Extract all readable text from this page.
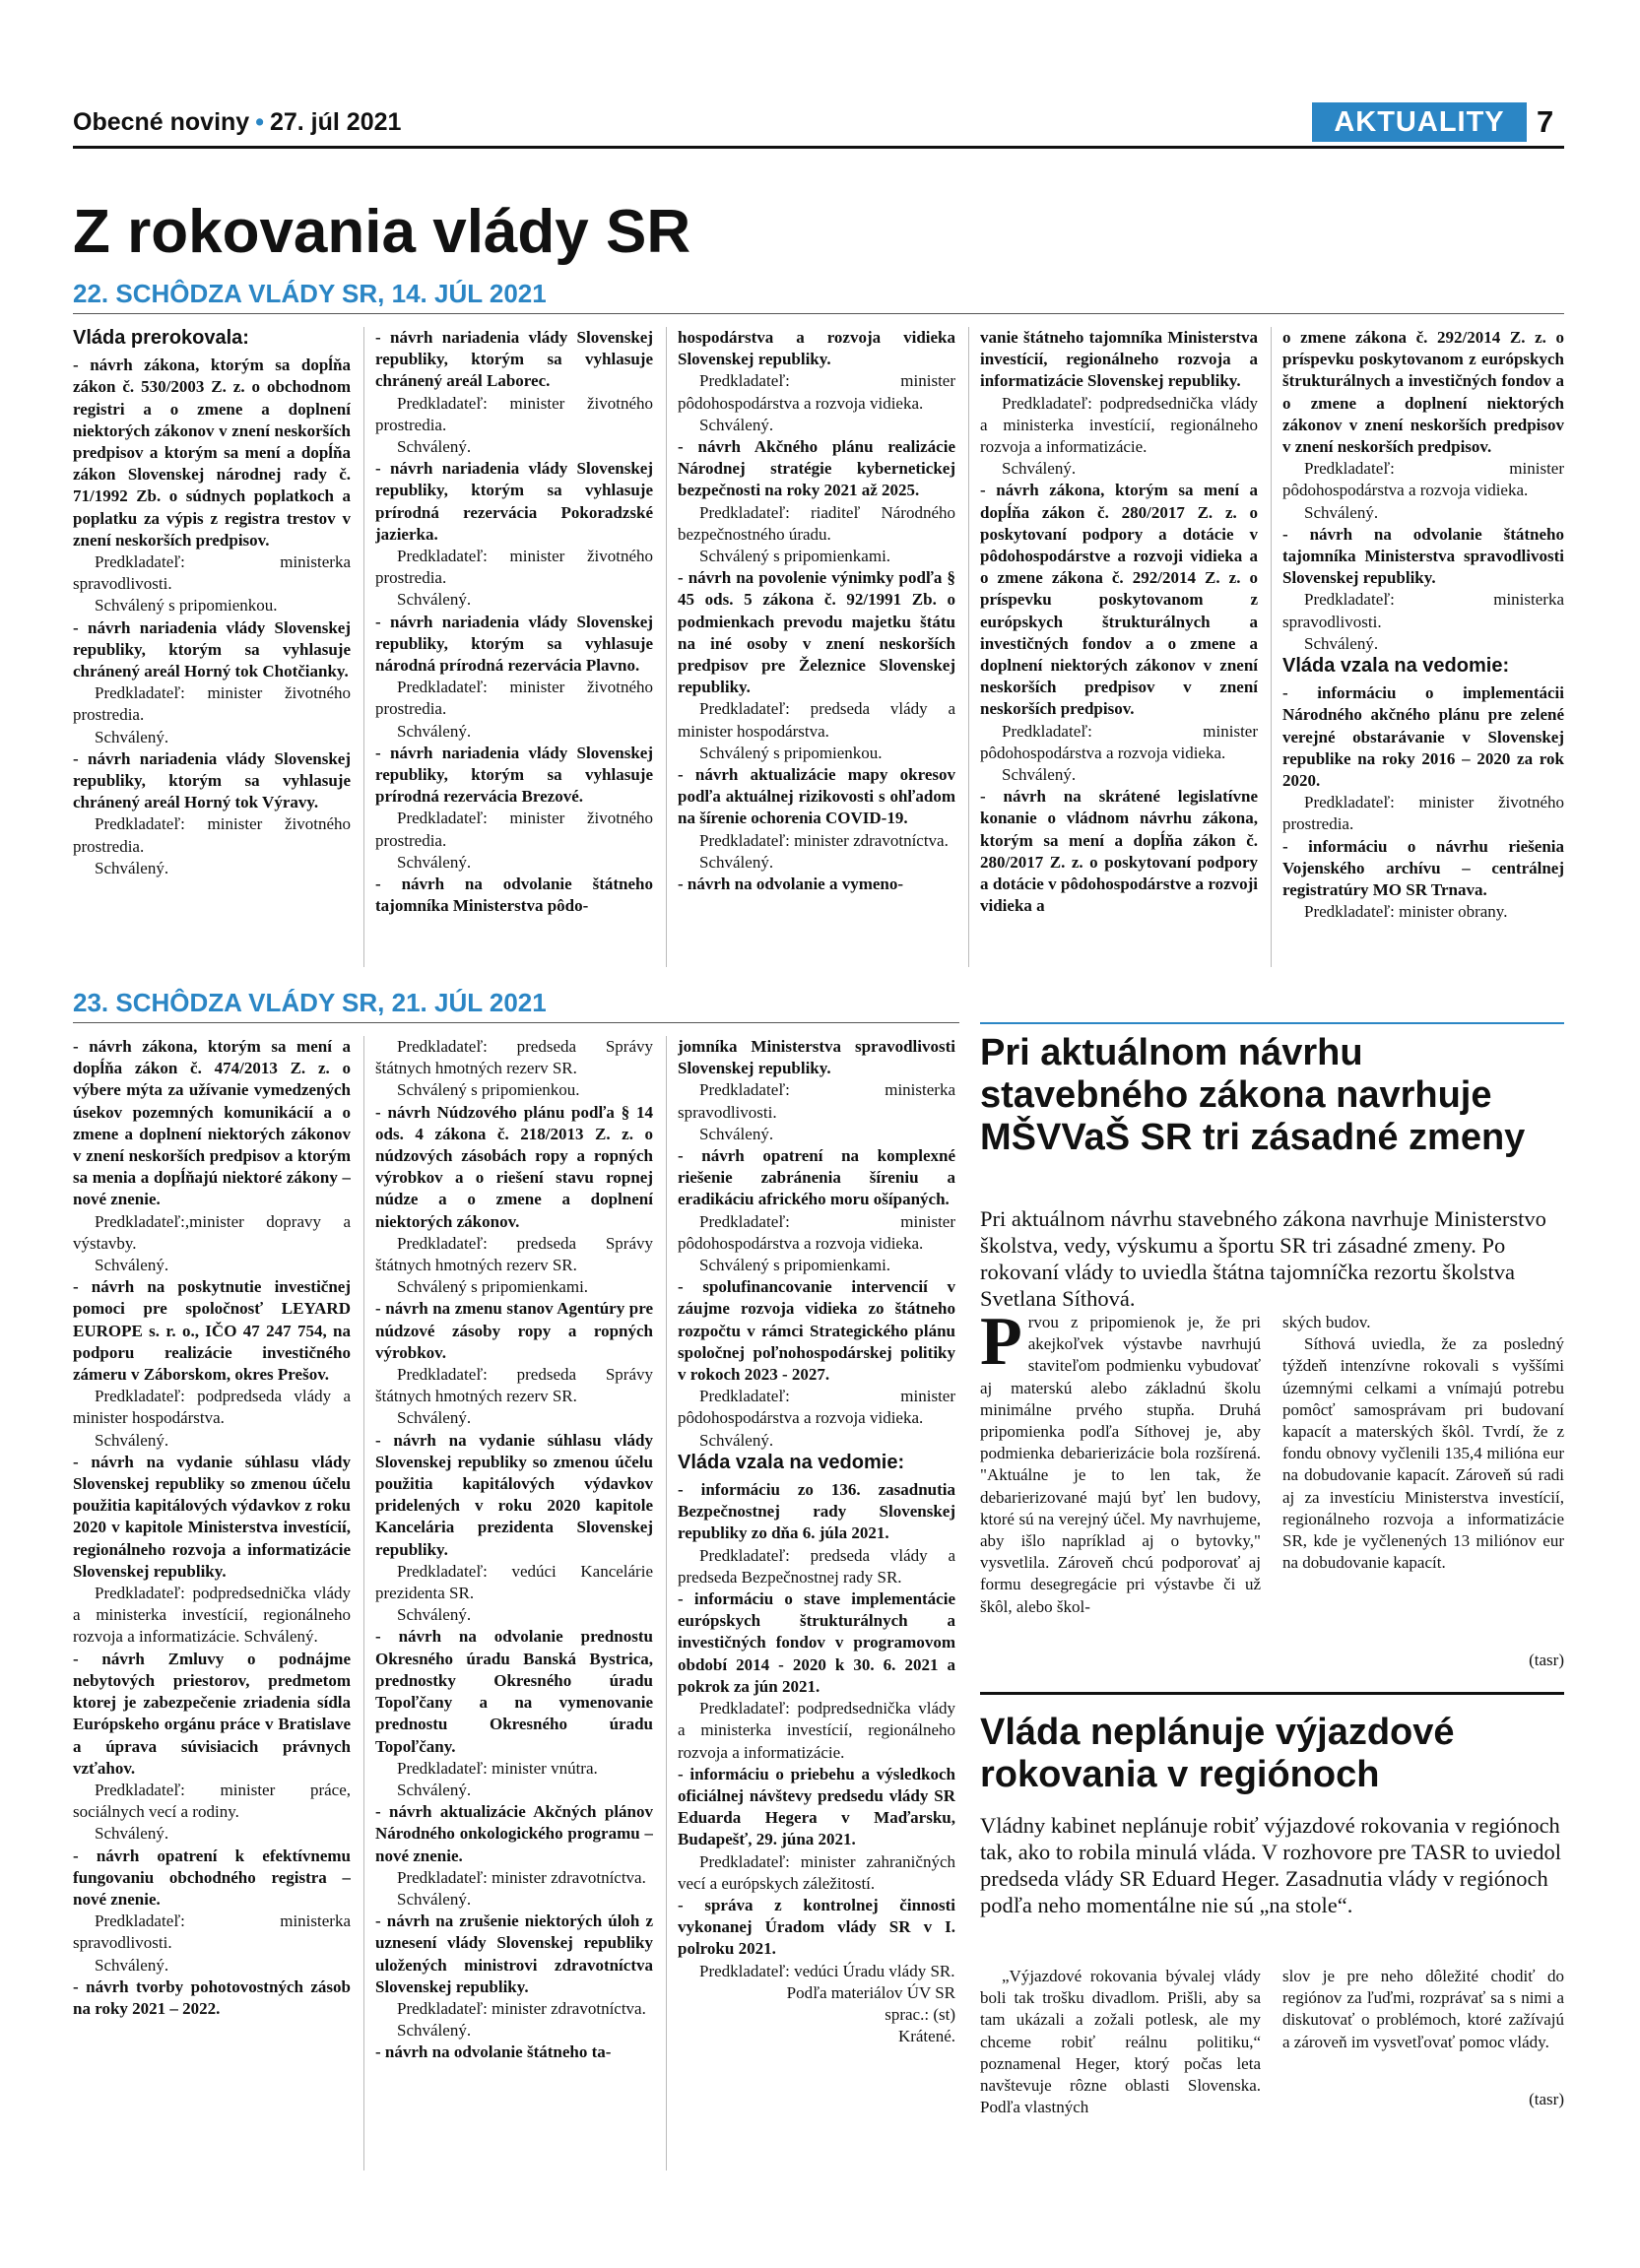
Obecné noviny • 27. júl 2021	AKTUALITY	7
Z rokovania vlády SR
22. SCHÔDZA VLÁDY SR, 14. JÚL 2021

Vláda prerokovala:

- návrh zákona, ktorým sa dopĺňa zákon č. 530/2003 Z. z. o obchodnom registri a o zmene a doplnení niektorých zákonov v znení neskorších predpisov a ktorým sa mení a dopĺňa zákon Slovenskej národnej rady č. 71/1992 Zb. o súdnych poplatkoch a poplatku za výpis z registra trestov v znení neskorších predpisov.

Predkladateľ: ministerka spravodlivosti.

Schválený s pripomienkou.

- návrh nariadenia vlády Slovenskej republiky, ktorým sa vyhlasuje chránený areál Horný tok Chotčianky.

Predkladateľ: minister životného prostredia.

Schválený.

- návrh nariadenia vlády Slovenskej republiky, ktorým sa vyhlasuje chránený areál Horný tok Výravy.

Predkladateľ: minister životného prostredia.

Schválený.

- návrh nariadenia vlády Slovenskej republiky, ktorým sa vyhlasuje chránený areál Laborec.

Predkladateľ: minister životného prostredia.

Schválený.

- návrh nariadenia vlády Slovenskej republiky, ktorým sa vyhlasuje prírodná rezervácia Pokoradzské jazierka.

Predkladateľ: minister životného prostredia.

Schválený.

- návrh nariadenia vlády Slovenskej republiky, ktorým sa vyhlasuje národná prírodná rezervácia Plavno.

Predkladateľ: minister životného prostredia.

Schválený.

- návrh nariadenia vlády Slovenskej republiky, ktorým sa vyhlasuje prírodná rezervácia Brezové.

Predkladateľ: minister životného prostredia.

Schválený.

- návrh na odvolanie štátneho tajomníka Ministerstva pôdo-

hospodárstva a rozvoja vidieka Slovenskej republiky.

Predkladateľ: minister pôdohospodárstva a rozvoja vidieka.

Schválený.

- návrh Akčného plánu realizácie Národnej stratégie kybernetickej bezpečnosti na roky 2021 až 2025.

Predkladateľ: riaditeľ Národného bezpečnostného úradu.

Schválený s pripomienkami.

- návrh na povolenie výnimky podľa § 45 ods. 5 zákona č. 92/1991 Zb. o podmienkach prevodu majetku štátu na iné osoby v znení neskorších predpisov pre Železnice Slovenskej republiky.

Predkladateľ: predseda vlády a minister hospodárstva.

Schválený s pripomienkou.

- návrh aktualizácie mapy okresov podľa aktuálnej rizikovosti s ohľadom na šírenie ochorenia COVID-19.

Predkladateľ: minister zdravotníctva.

Schválený.

- návrh na odvolanie a vymeno-

vanie štátneho tajomníka Ministerstva investícií, regionálneho rozvoja a informatizácie Slovenskej republiky.

Predkladateľ: podpredsednička vlády a ministerka investícií, regionálneho rozvoja a informatizácie.

Schválený.

- návrh zákona, ktorým sa mení a dopĺňa zákon č. 280/2017 Z. z. o poskytovaní podpory a dotácie v pôdohospodárstve a rozvoji vidieka a o zmene zákona č. 292/2014 Z. z. o príspevku poskytovanom z európskych štrukturálnych a investičných fondov a o zmene a doplnení niektorých zákonov v znení neskorších predpisov v znení neskorších predpisov.

Predkladateľ: minister pôdohospodárstva a rozvoja vidieka.

Schválený.

- návrh na skrátené legislatívne konanie o vládnom návrhu zákona, ktorým sa mení a dopĺňa zákon č. 280/2017 Z. z. o poskytovaní podpory a dotácie v pôdohospodárstve a rozvoji vidieka a

o zmene zákona č. 292/2014 Z. z. o príspevku poskytovanom z európskych štrukturálnych a investičných fondov a o zmene a doplnení niektorých zákonov v znení neskorších predpisov v znení neskorších predpisov.

Predkladateľ: minister pôdohospodárstva a rozvoja vidieka.

Schválený.

- návrh na odvolanie štátneho tajomníka Ministerstva spravodlivosti Slovenskej republiky.

Predkladateľ: ministerka spravodlivosti.

Schválený.

Vláda vzala na vedomie:

- informáciu o implementácii Národného akčného plánu pre zelené verejné obstarávanie v Slovenskej republike na roky 2016 – 2020 za rok 2020.

Predkladateľ: minister životného prostredia.

- informáciu o návrhu riešenia Vojenského archívu – centrálnej registratúry MO SR Trnava.

Predkladateľ: minister obrany.

23. SCHÔDZA VLÁDY SR, 21. JÚL 2021

- návrh zákona, ktorým sa mení a dopĺňa zákon č. 474/2013 Z. z. o výbere mýta za užívanie vymedzených úsekov pozemných komunikácií a o zmene a doplnení niektorých zákonov v znení neskorších predpisov a ktorým sa menia a dopĺňajú niektoré zákony – nové znenie.

Predkladateľ:,minister dopravy a výstavby.

Schválený.

- návrh na poskytnutie investičnej pomoci pre spoločnosť LEYARD EUROPE s. r. o., IČO 47 247 754, na podporu realizácie investičného zámeru v Záborskom, okres Prešov.

Predkladateľ: podpredseda vlády a minister hospodárstva.

Schválený.

- návrh na vydanie súhlasu vlády Slovenskej republiky so zmenou účelu použitia kapitálových výdavkov z roku 2020 v kapitole Ministerstva investícií, regionálneho rozvoja a informatizácie Slovenskej republiky.

Predkladateľ: podpredsednička vlády a ministerka investícií, regionálneho rozvoja a informatizácie. Schválený.

- návrh Zmluvy o podnájme nebytových priestorov, predmetom ktorej je zabezpečenie zriadenia sídla Európskeho orgánu práce v Bratislave a úprava súvisiacich právnych vzťahov.

Predkladateľ: minister práce, sociálnych vecí a rodiny.

Schválený.

- návrh opatrení k efektívnemu fungovaniu obchodného registra – nové znenie.

Predkladateľ: ministerka spravodlivosti.

Schválený.

- návrh tvorby pohotovostných zásob na roky 2021 – 2022.

Predkladateľ: predseda Správy štátnych hmotných rezerv SR.

Schválený s pripomienkou.

- návrh Núdzového plánu podľa § 14 ods. 4 zákona č. 218/2013 Z. z. o núdzových zásobách ropy a ropných výrobkov a o riešení stavu ropnej núdze a o zmene a doplnení niektorých zákonov.

Predkladateľ: predseda Správy štátnych hmotných rezerv SR.

Schválený s pripomienkami.

- návrh na zmenu stanov Agentúry pre núdzové zásoby ropy a ropných výrobkov.

Predkladateľ: predseda Správy štátnych hmotných rezerv SR.

Schválený.

- návrh na vydanie súhlasu vlády Slovenskej republiky so zmenou účelu použitia kapitálových výdavkov pridelených v roku 2020 kapitole Kancelária prezidenta Slovenskej republiky.

Predkladateľ: vedúci Kancelárie prezidenta SR.

Schválený.

- návrh na odvolanie prednostu Okresného úradu Banská Bystrica, prednostky Okresného úradu Topoľčany a na vymenovanie prednostu Okresného úradu Topoľčany.

Predkladateľ: minister vnútra.

Schválený.

- návrh aktualizácie Akčných plánov Národného onkologického programu – nové znenie.

Predkladateľ: minister zdravotníctva.

Schválený.

- návrh na zrušenie niektorých úloh z uznesení vlády Slovenskej republiky uložených ministrovi zdravotníctva Slovenskej republiky.

Predkladateľ: minister zdravotníctva.

Schválený.

- návrh na odvolanie štátneho ta-

jomníka Ministerstva spravodlivosti Slovenskej republiky.

Predkladateľ: ministerka spravodlivosti.

Schválený.

- návrh opatrení na komplexné riešenie zabránenia šíreniu a eradikáciu afrického moru ošípaných.

Predkladateľ: minister pôdohospodárstva a rozvoja vidieka.

Schválený s pripomienkami.

- spolufinancovanie intervencií v záujme rozvoja vidieka zo štátneho rozpočtu v rámci Strategického plánu spoločnej poľnohospodárskej politiky v rokoch 2023 - 2027.

Predkladateľ: minister pôdohospodárstva a rozvoja vidieka.

Schválený.

Vláda vzala na vedomie:

- informáciu zo 136. zasadnutia Bezpečnostnej rady Slovenskej republiky zo dňa 6. júla 2021.

Predkladateľ: predseda vlády a predseda Bezpečnostnej rady SR.

- informáciu o stave implementácie európskych štrukturálnych a investičných fondov v programovom období 2014 - 2020 k 30. 6. 2021 a pokrok za jún 2021.

Predkladateľ: podpredsednička vlády a ministerka investícií, regionálneho rozvoja a informatizácie.

- informáciu o priebehu a výsledkoch oficiálnej návštevy predsedu vlády SR Eduarda Hegera v Maďarsku, Budapešť, 29. júna 2021.

Predkladateľ: minister zahraničných vecí a európskych záležitostí.

- správa z kontrolnej činnosti vykonanej Úradom vlády SR v I. polroku 2021.

Predkladateľ: vedúci Úradu vlády SR.

Podľa materiálov ÚV SR

sprac.: (st)

Krátené.

Pri aktuálnom návrhu stavebného zákona navrhuje MŠVVaŠ SR tri zásadné zmeny
Pri aktuálnom návrhu stavebného zákona navrhuje Ministerstvo školstva, vedy, výskumu a športu SR tri zásadné zmeny. Po rokovaní vlády to uviedla štátna tajomníčka rezortu školstva Svetlana Síthová.
Prvou z pripomienok je, že pri akejkoľvek výstavbe navrhujú staviteľom podmienku vybudovať aj materskú alebo základnú školu minimálne prvého stupňa. Druhá pripomienka podľa Síthovej je, aby podmienka debarierizácie bola rozšírená. "Aktuálne je to len tak, že debarierizované majú byť len budovy, ktoré sú na verejný účel. My navrhujeme, aby išlo napríklad aj o bytovky," vysvetlila. Zároveň chcú podporovať aj formu desegregácie pri výstavbe či už škôl, alebo škol-

ských budov.

Síthová uviedla, že za posledný týždeň intenzívne rokovali s vyššími územnými celkami a vnímajú potrebu pomôcť samosprávam pri budovaní kapacít a materských škôl. Tvrdí, že z fondu obnovy vyčlenili 135,4 milióna eur na dobudovanie kapacít. Zároveň sú radi aj za investíciu Ministerstva investícií, regionálneho rozvoja a informatizácie SR, kde je vyčlenených 13 miliónov eur na dobudovanie kapacít.

(tasr)
Vláda neplánuje výjazdové rokovania v regiónoch
Vládny kabinet neplánuje robiť výjazdové rokovania v regiónoch tak, ako to robila minulá vláda. V rozhovore pre TASR to uviedol predseda vlády SR Eduard Heger. Zasadnutia vlády v regiónoch podľa neho momentálne nie sú „na stole“.

„Výjazdové rokovania bývalej vlády boli tak trošku divadlom. Prišli, aby sa tam ukázali a zožali potlesk, ale my chceme robiť reálnu politiku,“ poznamenal Heger, ktorý počas leta navštevuje rôzne oblasti Slovenska. Podľa vlastných

slov je pre neho dôležité chodiť do regiónov za ľuďmi, rozprávať sa s nimi a diskutovať o problémoch, ktoré zažívajú a zároveň im vysvetľovať pomoc vlády.

(tasr)
